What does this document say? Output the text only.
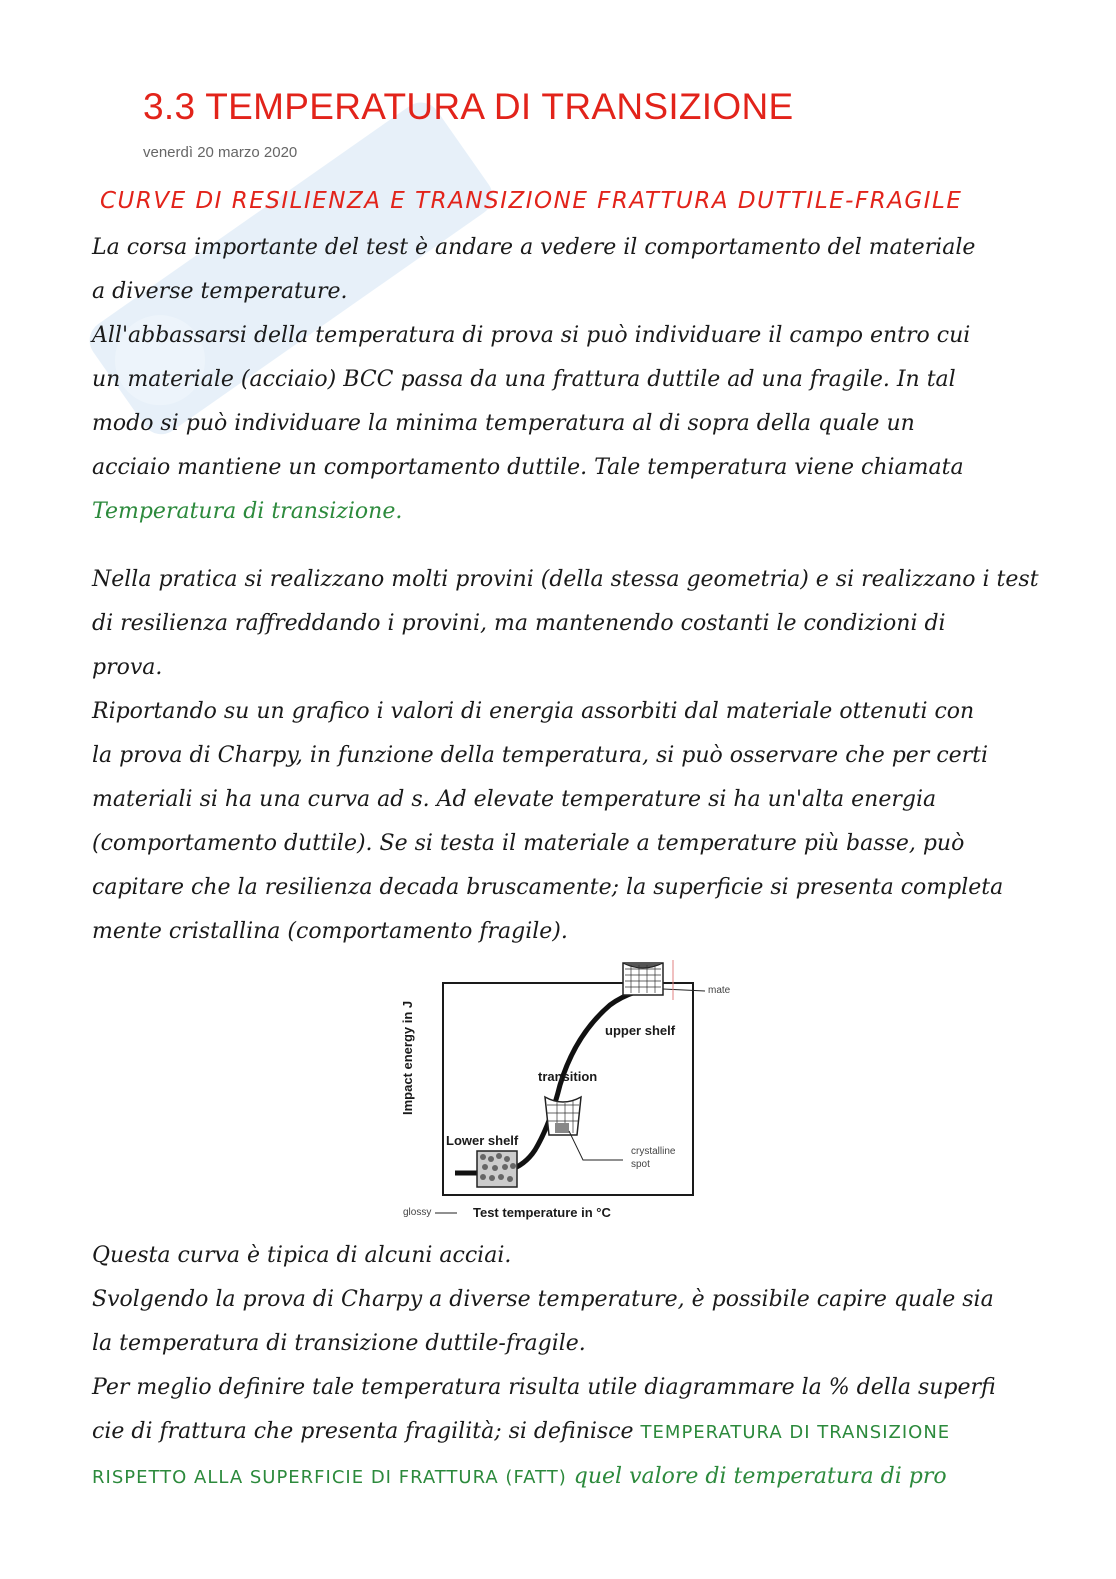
3.3 TEMPERATURA DI TRANSIZIONE
venerdì 20 marzo 2020
CURVE DI RESILIENZA E TRANSIZIONE FRATTURA DUTTILE-FRAGILE
La corsa importante del test è andare a vedere il comportamento del materiale
a diverse temperature.
All'abbassarsi della temperatura di prova si può individuare il campo entro cui
un materiale (acciaio) BCC passa da una frattura duttile ad una fragile. In tal
modo si può individuare la minima temperatura al di sopra della quale un
acciaio mantiene un comportamento duttile. Tale temperatura viene chiamata
Temperatura di transizione.
Nella pratica si realizzano molti provini (della stessa geometria) e si realizzano i test
di resilienza raffreddando i provini, ma mantenendo costanti le condizioni di
prova.
Riportando su un grafico i valori di energia assorbiti dal materiale ottenuti con
la prova di Charpy, in funzione della temperatura, si può osservare che per certi
materiali si ha una curva ad s. Ad elevate temperature si ha un'alta energia
(comportamento duttile). Se si testa il materiale a temperature più basse, può
capitare che la resilienza decada bruscamente; la superficie si presenta completa
mente cristallina (comportamento fragile).
Impact energy in J
Test temperature in °C
upper shelf
transition
Lower shelf
mate
crystalline
spot
glossy
Questa curva è tipica di alcuni acciai.
Svolgendo la prova di Charpy a diverse temperature, è possibile capire quale sia
la temperatura di transizione duttile-fragile.
Per meglio definire tale temperatura risulta utile diagrammare la % della superfi
cie di frattura che presenta fragilità; si definisce TEMPERATURA DI TRANSIZIONE
RISPETTO ALLA SUPERFICIE DI FRATTURA (FATT) quel valore di temperatura di pro
